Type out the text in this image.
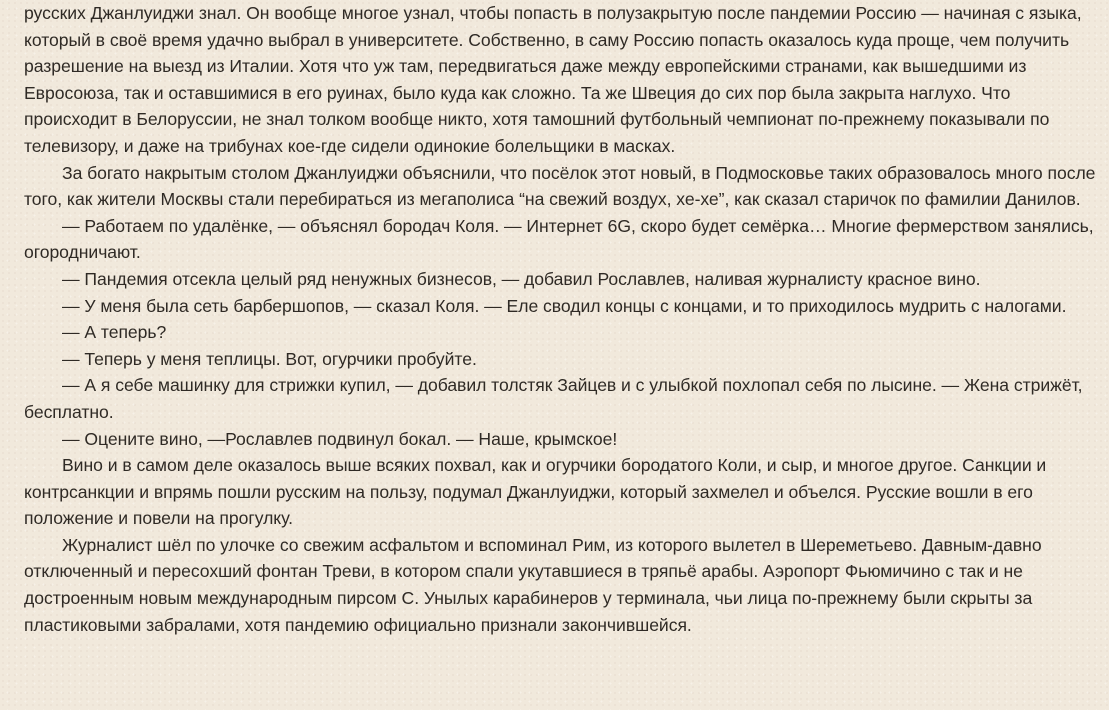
русских Джанлуиджи знал. Он вообще многое узнал, чтобы попасть в полузакрытую после пандемии Россию — начиная с языка, который в своё время удачно выбрал в университете. Собственно, в саму Россию попасть оказалось куда проще, чем получить разрешение на выезд из Италии. Хотя что уж там, передвигаться даже между европейскими странами, как вышедшими из Евросоюза, так и оставшимися в его руинах, было куда как сложно. Та же Швеция до сих пор была закрыта наглухо. Что происходит в Белоруссии, не знал толком вообще никто, хотя тамошний футбольный чемпионат по-прежнему показывали по телевизору, и даже на трибунах кое-где сидели одинокие болельщики в масках.

За богато накрытым столом Джанлуиджи объяснили, что посёлок этот новый, в Подмосковье таких образовалось много после того, как жители Москвы стали перебираться из мегаполиса “на свежий воздух, хе-хе”, как сказал старичок по фамилии Данилов.

— Работаем по удалёнке, — объяснял бородач Коля. — Интернет 6G, скоро будет семёрка… Многие фермерством занялись, огородничают.

— Пандемия отсекла целый ряд ненужных бизнесов, — добавил Рославлев, наливая журналисту красное вино.

— У меня была сеть барбершопов, — сказал Коля. — Еле сводил концы с концами, и то приходилось мудрить с налогами.

— А теперь?

— Теперь у меня теплицы. Вот, огурчики пробуйте.

— А я себе машинку для стрижки купил, — добавил толстяк Зайцев и с улыбкой похлопал себя по лысине. — Жена стрижёт, бесплатно.

— Оцените вино, —Рославлев подвинул бокал. — Наше, крымское!

Вино и в самом деле оказалось выше всяких похвал, как и огурчики бородатого Коли, и сыр, и многое другое. Санкции и контрсанкции и впрямь пошли русским на пользу, подумал Джанлуиджи, который захмелел и объелся. Русские вошли в его положение и повели на прогулку.

Журналист шёл по улочке со свежим асфальтом и вспоминал Рим, из которого вылетел в Шереметьево. Давным-давно отключенный и пересохший фонтан Треви, в котором спали укутавшиеся в тряпьё арабы. Аэропорт Фьюмичино с так и не достроенным новым международным пирсом С. Унылых карабинеров у терминала, чьи лица по-прежнему были скрыты за пластиковыми забралами, хотя пандемию официально признали закончившейся.
